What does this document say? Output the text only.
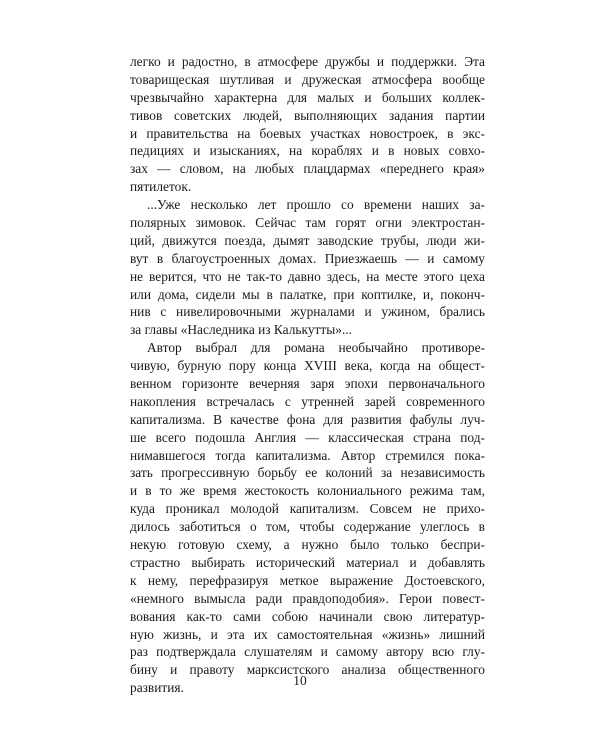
легко и радостно, в атмосфере дружбы и поддержки. Эта
товарищеская шутливая и дружеская атмосфера вообще
чрезвычайно характерна для малых и больших коллек-
тивов советских людей, выполняющих задания партии
и правительства на боевых участках новостроек, в экс-
педициях и изысканиях, на кораблях и в новых совхо-
зах — словом, на любых плацдармах «переднего края»
пятилеток.
...Уже несколько лет прошло со времени наших за-
полярных зимовок. Сейчас там горят огни электростан-
ций, движутся поезда, дымят заводские трубы, люди жи-
вут в благоустроенных домах. Приезжаешь — и самому
не верится, что не так-то давно здесь, на месте этого цеха
или дома, сидели мы в палатке, при коптилке, и, поконч-
нив с нивелировочными журналами и ужином, брались
за главы «Наследника из Калькутты»...
Автор выбрал для романа необычайно противоре-
чивую, бурную пору конца XVIII века, когда на общест-
венном горизонте вечерняя заря эпохи первоначального
накопления встречалась с утренней зарей современного
капитализма. В качестве фона для развития фабулы луч-
ше всего подошла Англия — классическая страна под-
нимавшегося тогда капитализма. Автор стремился пока-
зать прогрессивную борьбу ее колоний за независимость
и в то же время жестокость колониального режима там,
куда проникал молодой капитализм. Совсем не прихо-
дилось заботиться о том, чтобы содержание улеглось в
некую готовую схему, а нужно было только беспри-
страстно выбирать исторический материал и добавлять
к нему, перефразируя меткое выражение Достоевского,
«немного вымысла ради правдоподобия». Герои повест-
вования как-то сами собою начинали свою литератур-
ную жизнь, и эта их самостоятельная «жизнь» лишний
раз подтверждала слушателям и самому автору всю глу-
бину и правоту марксистского анализа общественного
развития.	10
